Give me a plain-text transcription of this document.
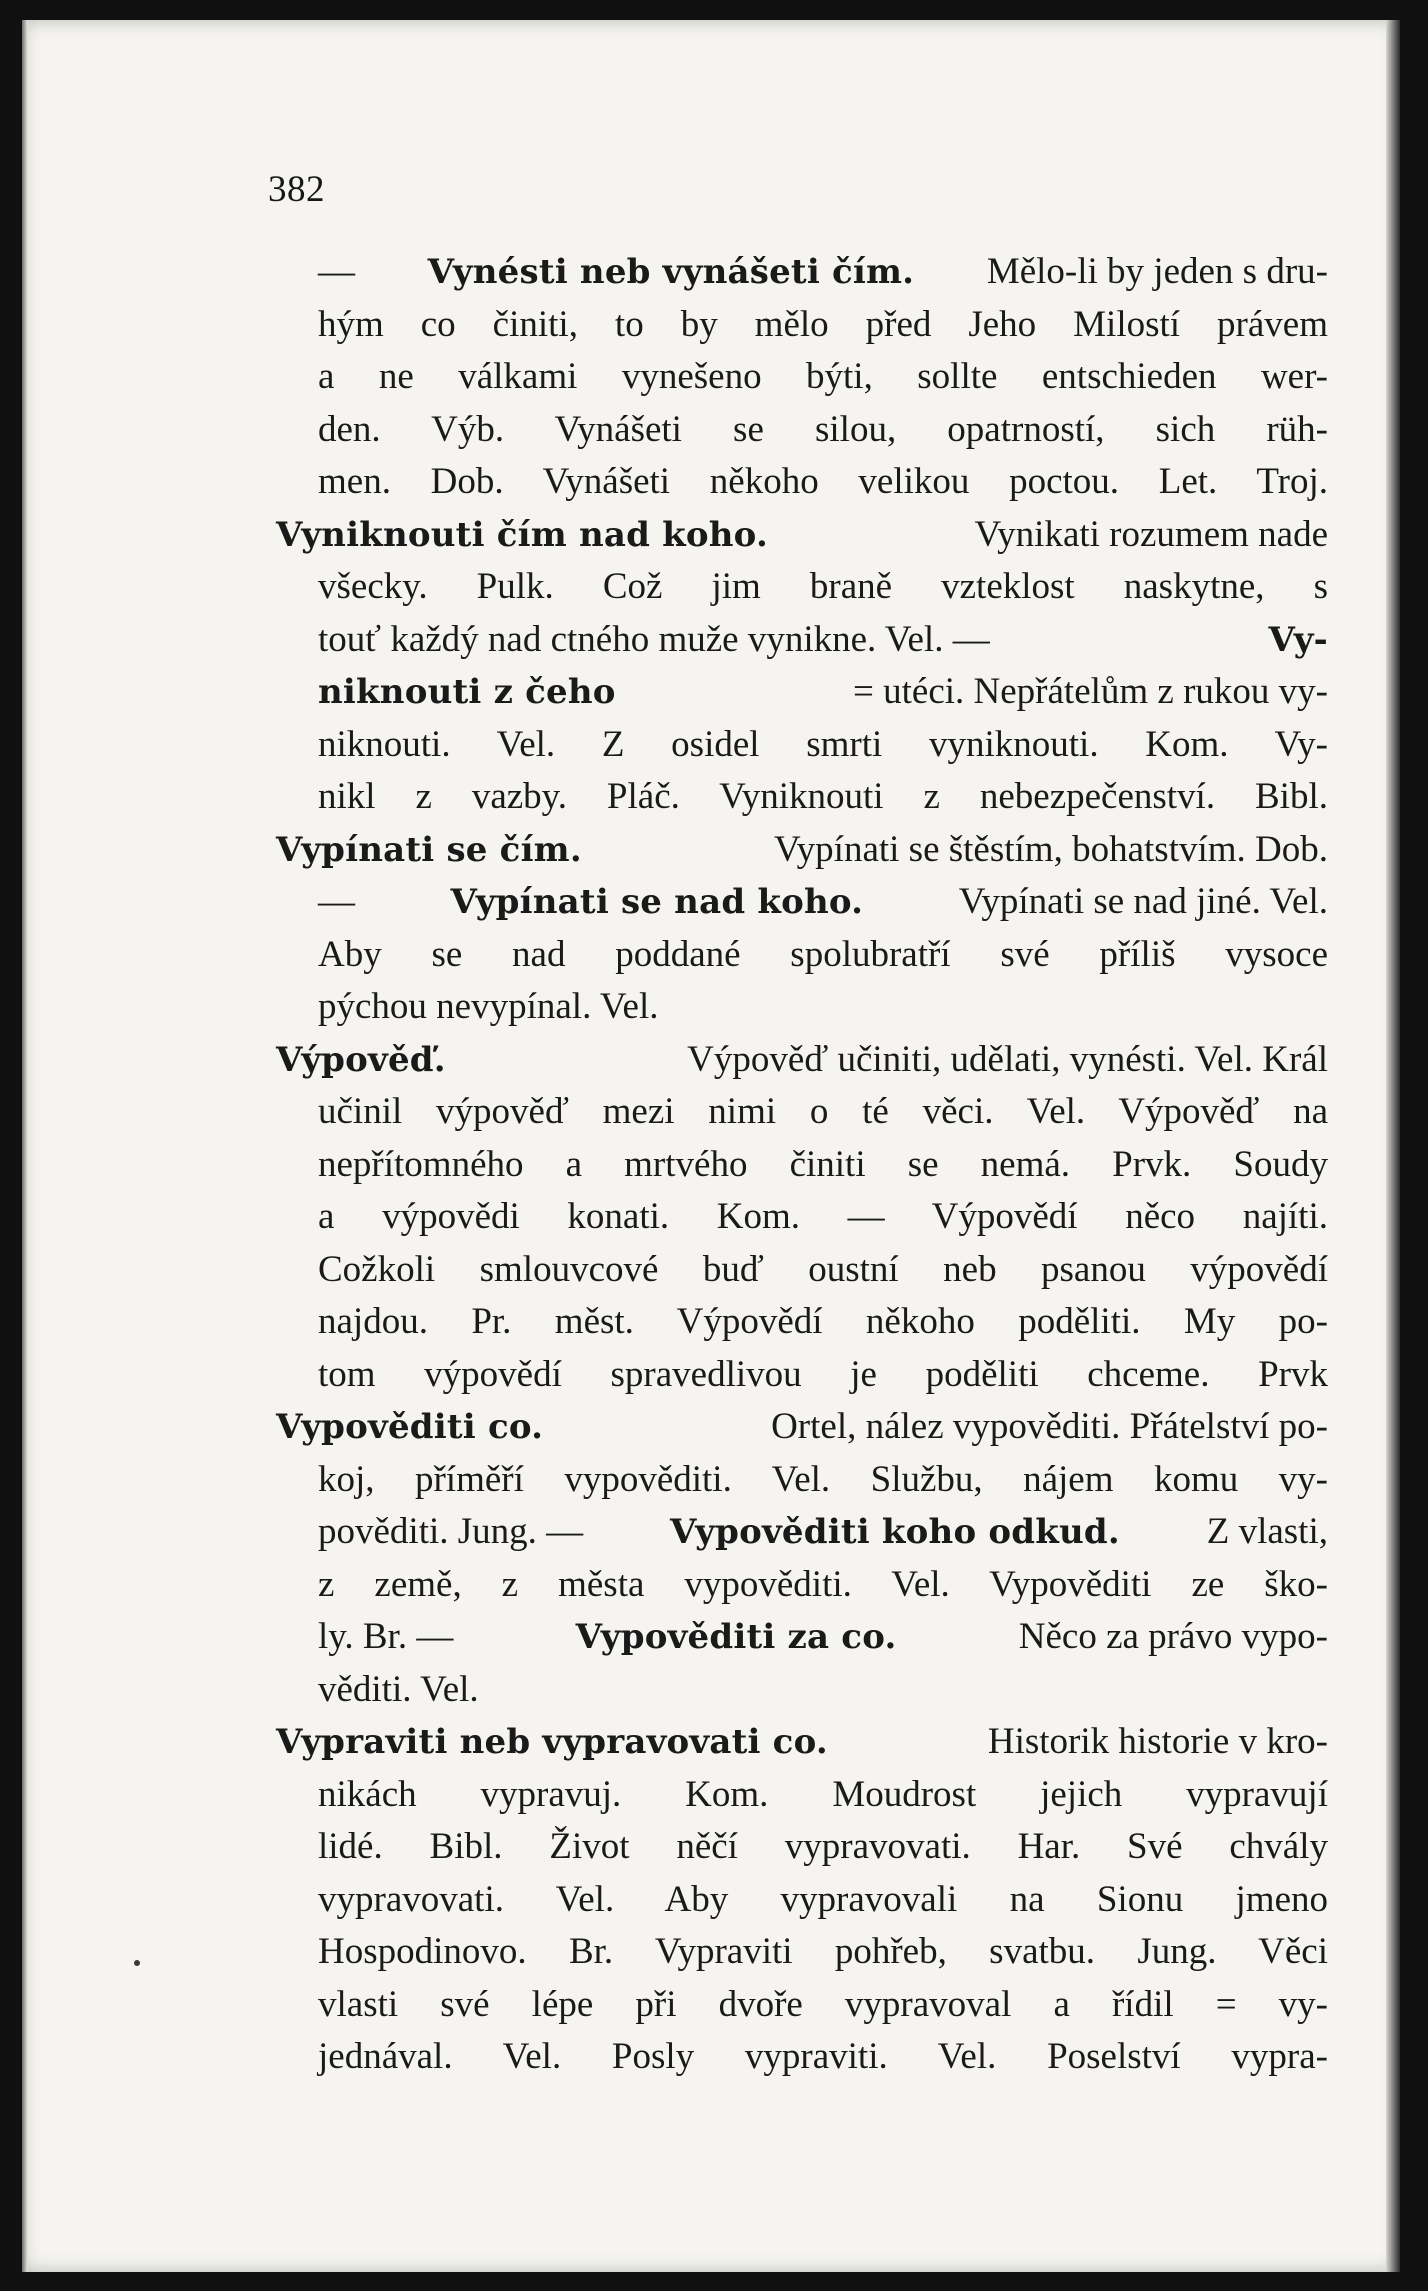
382
— Vynésti neb vynášeti čím. Mělo-li by jeden s dru-
hým co činiti, to by mělo před Jeho Milostí právem
a ne válkami vynešeno býti, sollte entschieden wer-
den. Výb. Vynášeti se silou, opatrností, sich rüh-
men. Dob. Vynášeti někoho velikou poctou. Let. Troj.
Vyniknouti čím nad koho.	Vynikati rozumem nade
všecky. Pulk. Což jim braně vzteklost naskytne, s
touť každý nad ctného muže vynikne. Vel. —	Vy-
niknouti z čeho	= utéci. Nepřátelům z rukou vy-
niknouti. Vel. Z osidel smrti vyniknouti. Kom. Vy-
nikl z vazby. Pláč. Vyniknouti z nebezpečenství. Bibl.
Vypínati se čím.	Vypínati se štěstím, bohatstvím. Dob.
—	Vypínati se nad koho.	Vypínati se nad jiné. Vel.
Aby se nad poddané spolubratří své příliš vysoce
pýchou nevypínal. Vel.
Výpověď.	Výpověď učiniti, udělati, vynésti. Vel. Král
učinil výpověď mezi nimi o té věci. Vel. Výpověď na
nepřítomného a mrtvého činiti se nemá. Prvk. Soudy
a výpovědi konati. Kom. — Výpovědí něco najíti.
Cožkoli smlouvcové buď oustní neb psanou výpovědí
najdou. Pr. měst. Výpovědí někoho poděliti. My po-
tom výpovědí spravedlivou je poděliti chceme. Prvk
Vypověditi co.	Ortel, nález vypověditi. Přátelství po-
koj, příměří vypověditi. Vel. Službu, nájem komu vy-
pověditi. Jung. —	Vypověditi koho odkud. Z vlasti,
z země, z města vypověditi. Vel. Vypověditi ze ško-
ly. Br. —	Vypověditi za co.	Něco za právo vypo-
věditi. Vel.
Vypraviti neb vypravovati co.	Historik historie v kro-
nikách vypravuj. Kom. Moudrost jejich vypravují
lidé. Bibl. Život něčí vypravovati. Har. Své chvály
vypravovati. Vel. Aby vypravovali na Sionu jmeno
Hospodinovo. Br. Vypraviti pohřeb, svatbu. Jung. Věci
vlasti své lépe při dvoře vypravoval a řídil = vy-
jednával. Vel. Posly vypraviti. Vel. Poselství vypra-
